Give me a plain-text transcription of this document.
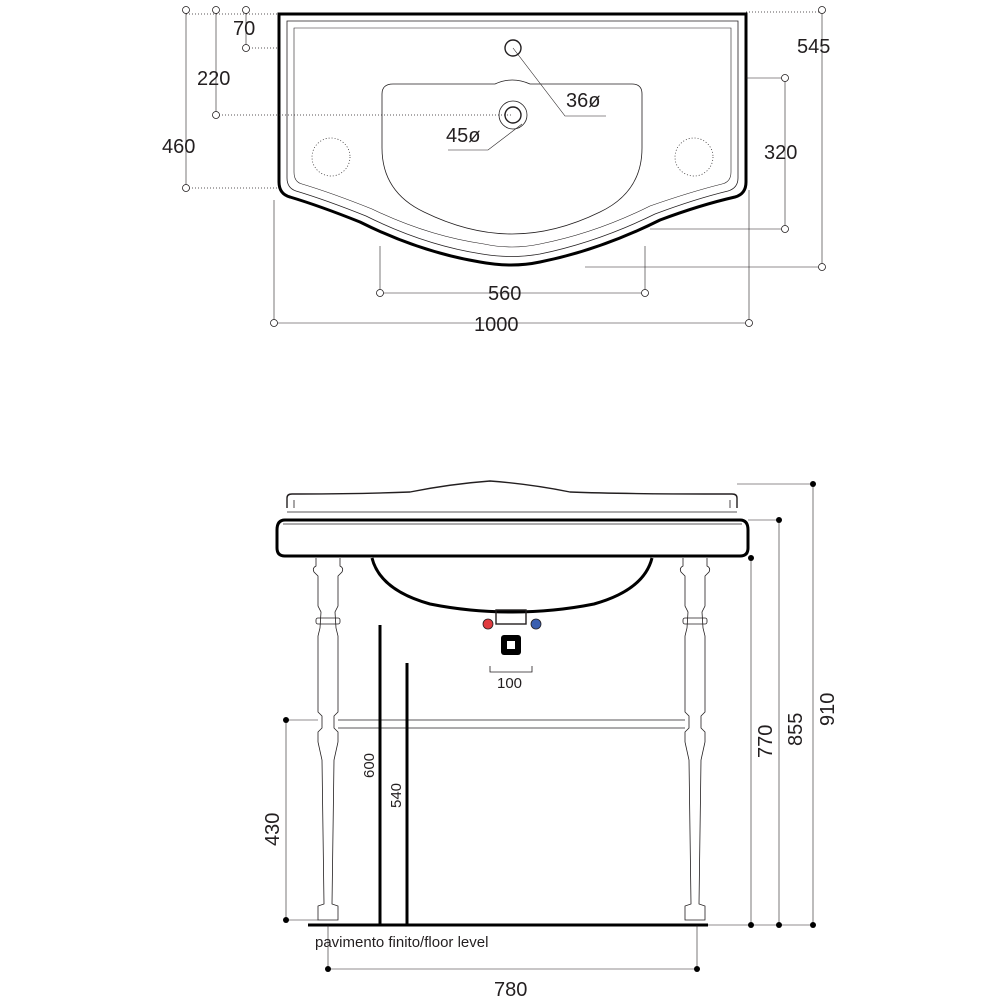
70
220
460
545
320
36ø
45ø
560
1000
100
600
540
430
770 855
910
780
pavimento finito/floor level
